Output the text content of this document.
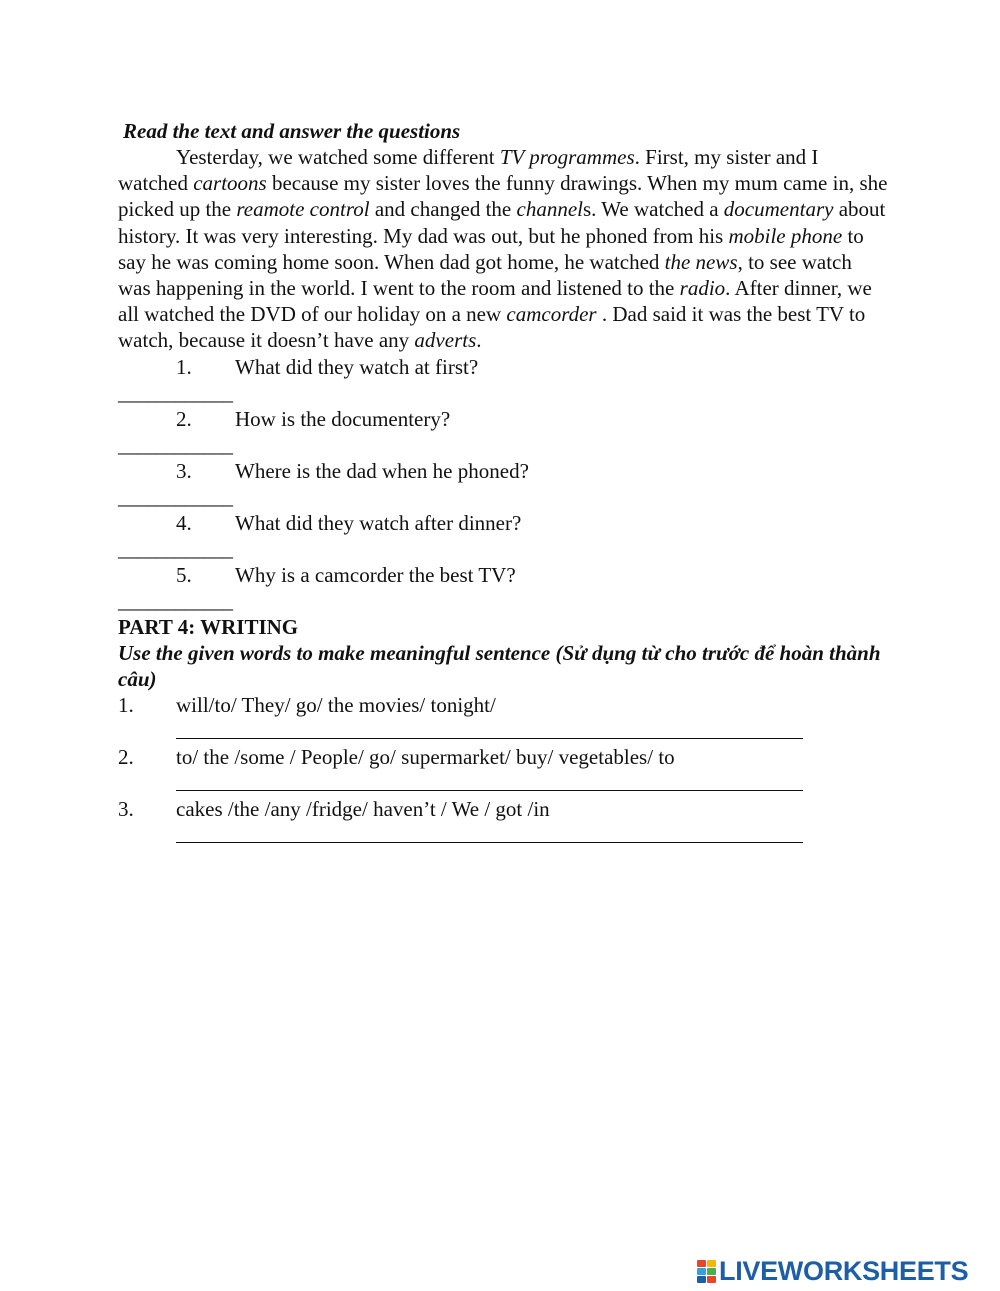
Read the text and answer the questions

Yesterday, we watched some different TV programmes. First, my sister and I watched cartoons because my sister loves the funny drawings. When my mum came in, she picked up the reamote control and changed the channels. We watched a documentary about history. It was very interesting. My dad was out, but he phoned from his mobile phone to say he was coming home soon. When dad got home, he watched the news, to see watch was happening in the world. I went to the room and listened to the radio. After dinner, we all watched the DVD of our holiday on a new camcorder . Dad said it was the best TV to watch, because it doesn’t have any adverts.

1. What did they watch at first?
____________
2. How is the documentery?
____________
3. Where is the dad when he phoned?
____________
4. What did they watch after dinner?
____________
5. Why is a camcorder the best TV?
____________
PART 4: WRITING
Use the given words to make meaningful sentence (Sử dụng từ cho trước để hoàn thành câu)
1. will/to/ They/ go/ the movies/ tonight/
2. to/ the /some / People/ go/ supermarket/ buy/ vegetables/ to
3. cakes /the /any /fridge/ haven’t / We / got /in
LIVEWORKSHEETS
